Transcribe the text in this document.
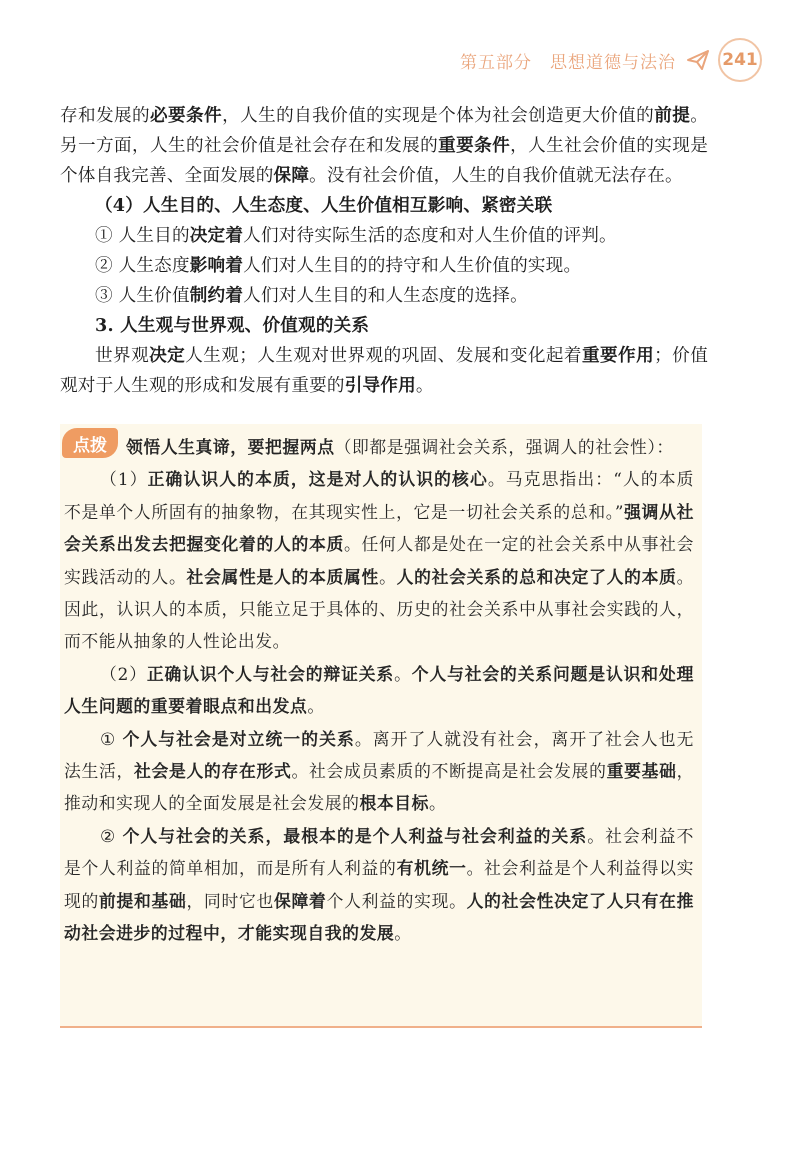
第五部分　思想道德与法治	241

存和发展的必要条件，人生的自我价值的实现是个体为社会创造更大价值的前提。另一方面，人生的社会价值是社会存在和发展的重要条件，人生社会价值的实现是个体自我完善、全面发展的保障。没有社会价值，人生的自我价值就无法存在。

（4）人生目的、人生态度、人生价值相互影响、紧密关联

① 人生目的决定着人们对待实际生活的态度和对人生价值的评判。

② 人生态度影响着人们对人生目的的持守和人生价值的实现。

③ 人生价值制约着人们对人生目的和人生态度的选择。

3. 人生观与世界观、价值观的关系

世界观决定人生观；人生观对世界观的巩固、发展和变化起着重要作用；价值观对于人生观的形成和发展有重要的引导作用。

点拨	领悟人生真谛，要把握两点（即都是强调社会关系，强调人的社会性）：

（1）正确认识人的本质，这是对人的认识的核心。马克思指出：“人的本质不是单个人所固有的抽象物，在其现实性上，它是一切社会关系的总和。”强调从社会关系出发去把握变化着的人的本质。任何人都是处在一定的社会关系中从事社会实践活动的人。社会属性是人的本质属性。人的社会关系的总和决定了人的本质。因此，认识人的本质，只能立足于具体的、历史的社会关系中从事社会实践的人，而不能从抽象的人性论出发。

（2）正确认识个人与社会的辩证关系。个人与社会的关系问题是认识和处理人生问题的重要着眼点和出发点。

① 个人与社会是对立统一的关系。离开了人就没有社会，离开了社会人也无法生活，社会是人的存在形式。社会成员素质的不断提高是社会发展的重要基础，推动和实现人的全面发展是社会发展的根本目标。

② 个人与社会的关系，最根本的是个人利益与社会利益的关系。社会利益不是个人利益的简单相加，而是所有人利益的有机统一。社会利益是个人利益得以实现的前提和基础，同时它也保障着个人利益的实现。人的社会性决定了人只有在推动社会进步的过程中，才能实现自我的发展。
